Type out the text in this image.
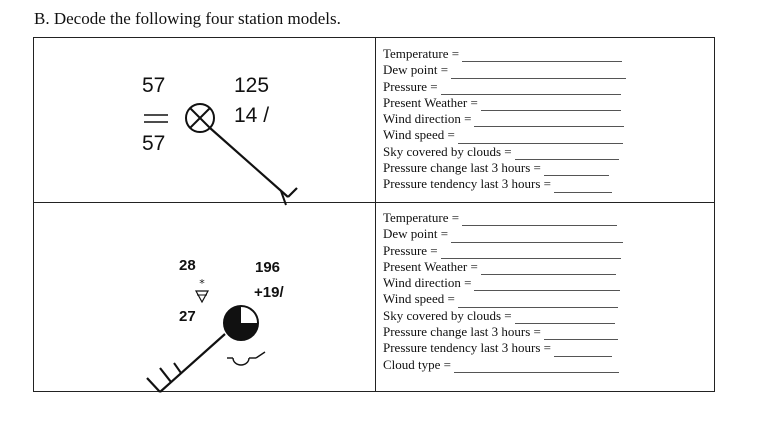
B. Decode the following four station models.
57
57
125
14 /
28
27
196
+19/
*
Temperature =
Dew point =
Pressure =
Present Weather =
Wind direction =
Wind speed =
Sky covered by clouds =
Pressure change last 3 hours =
Pressure tendency last 3 hours =
Temperature =
Dew point =
Pressure =
Present Weather =
Wind direction =
Wind speed =
Sky covered by clouds =
Pressure change last 3 hours =
Pressure tendency last 3 hours =
Cloud type =
